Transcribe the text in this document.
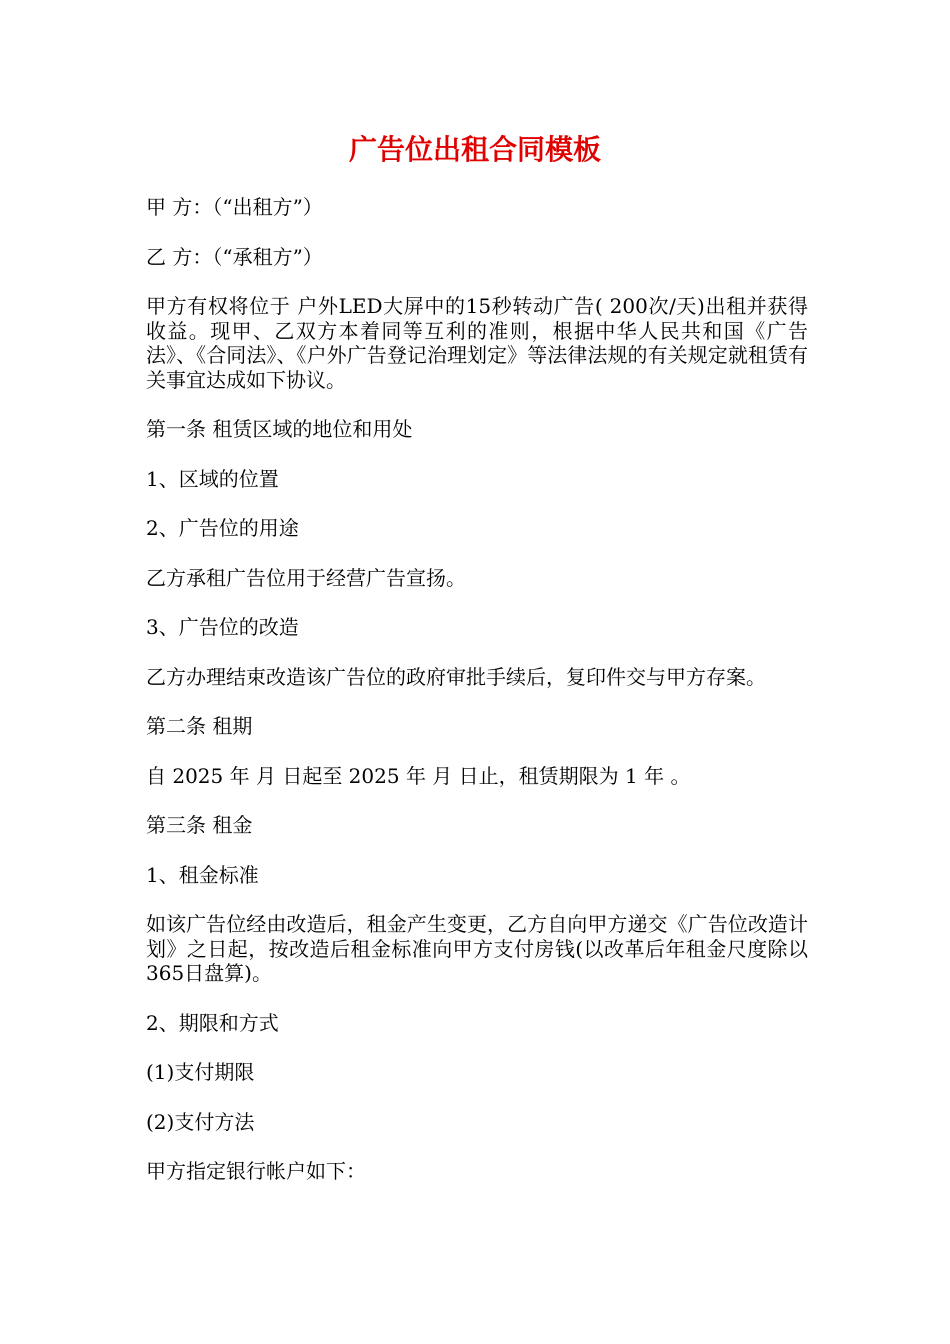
广告位出租合同模板

甲 方：（“出租方”）

乙 方：（“承租方”）

甲方有权将位于 户外LED大屏中的15秒转动广告( 200次/天)出租并获得收益。现甲、乙双方本着同等互利的准则，根据中华人民共和国《广告法》、《合同法》、《户外广告登记治理划定》等法律法规的有关规定就租赁有关事宜达成如下协议。

第一条 租赁区域的地位和用处

1、区域的位置

2、广告位的用途

乙方承租广告位用于经营广告宣扬。

3、广告位的改造

乙方办理结束改造该广告位的政府审批手续后，复印件交与甲方存案。

第二条 租期

自 2025 年 月 日起至 2025 年 月 日止，租赁期限为 1 年 。

第三条 租金

1、租金标准

如该广告位经由改造后，租金产生变更，乙方自向甲方递交《广告位改造计划》之日起，按改造后租金标准向甲方支付房钱(以改革后年租金尺度除以365日盘算)。

2、期限和方式

(1)支付期限

(2)支付方法

甲方指定银行帐户如下：
